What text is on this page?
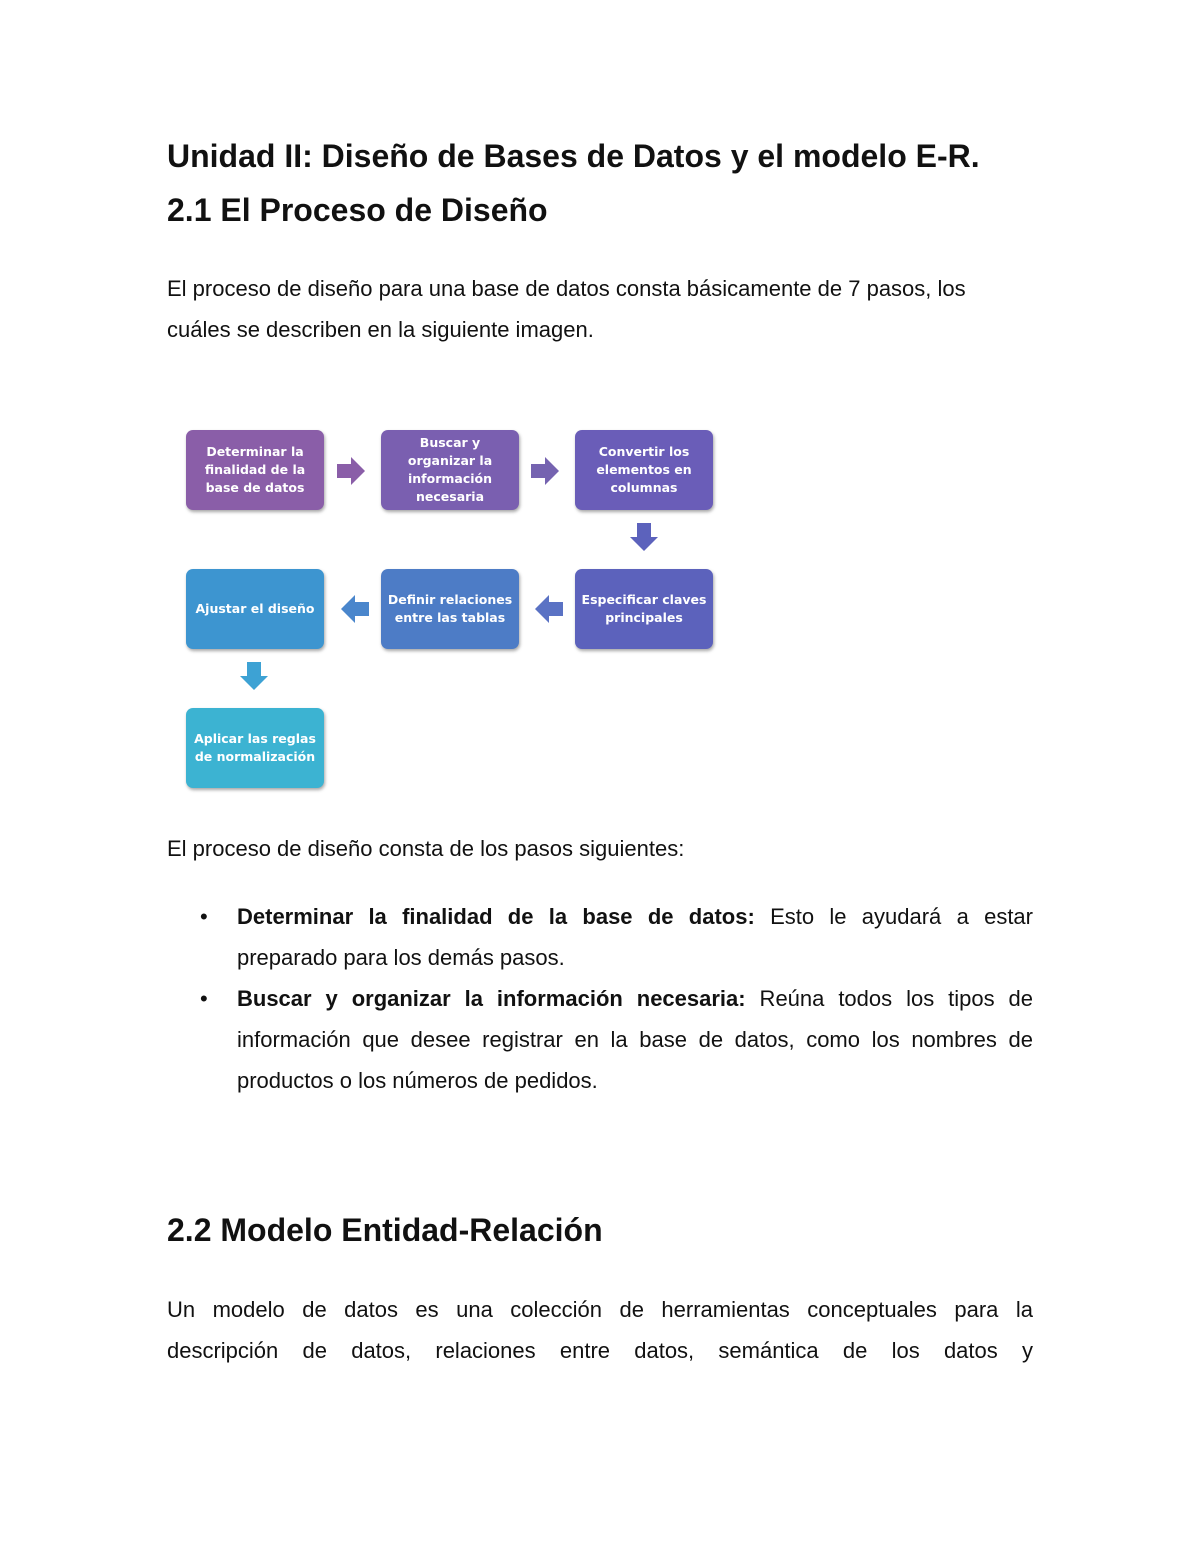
Unidad II: Diseño de Bases de Datos y el modelo E-R.
2.1 El Proceso de Diseño

El proceso de diseño para una base de datos consta básicamente de 7 pasos, los
cuáles se describen en la siguiente imagen.

Determinar la finalidad de la base de datos
Buscar y organizar la información necesaria
Convertir los elementos en columnas
Especificar claves principales
Definir relaciones entre las tablas
Ajustar el diseño
Aplicar las reglas de normalización

El proceso de diseño consta de los pasos siguientes:

• Determinar la finalidad de la base de datos: Esto le ayudará a estar
preparado para los demás pasos.
• Buscar y organizar la información necesaria: Reúna todos los tipos de
información que desee registrar en la base de datos, como los nombres de
productos o los números de pedidos.
2.2 Modelo Entidad-Relación

Un modelo de datos es una colección de herramientas conceptuales para la
descripción de datos, relaciones entre datos, semántica de los datos y
